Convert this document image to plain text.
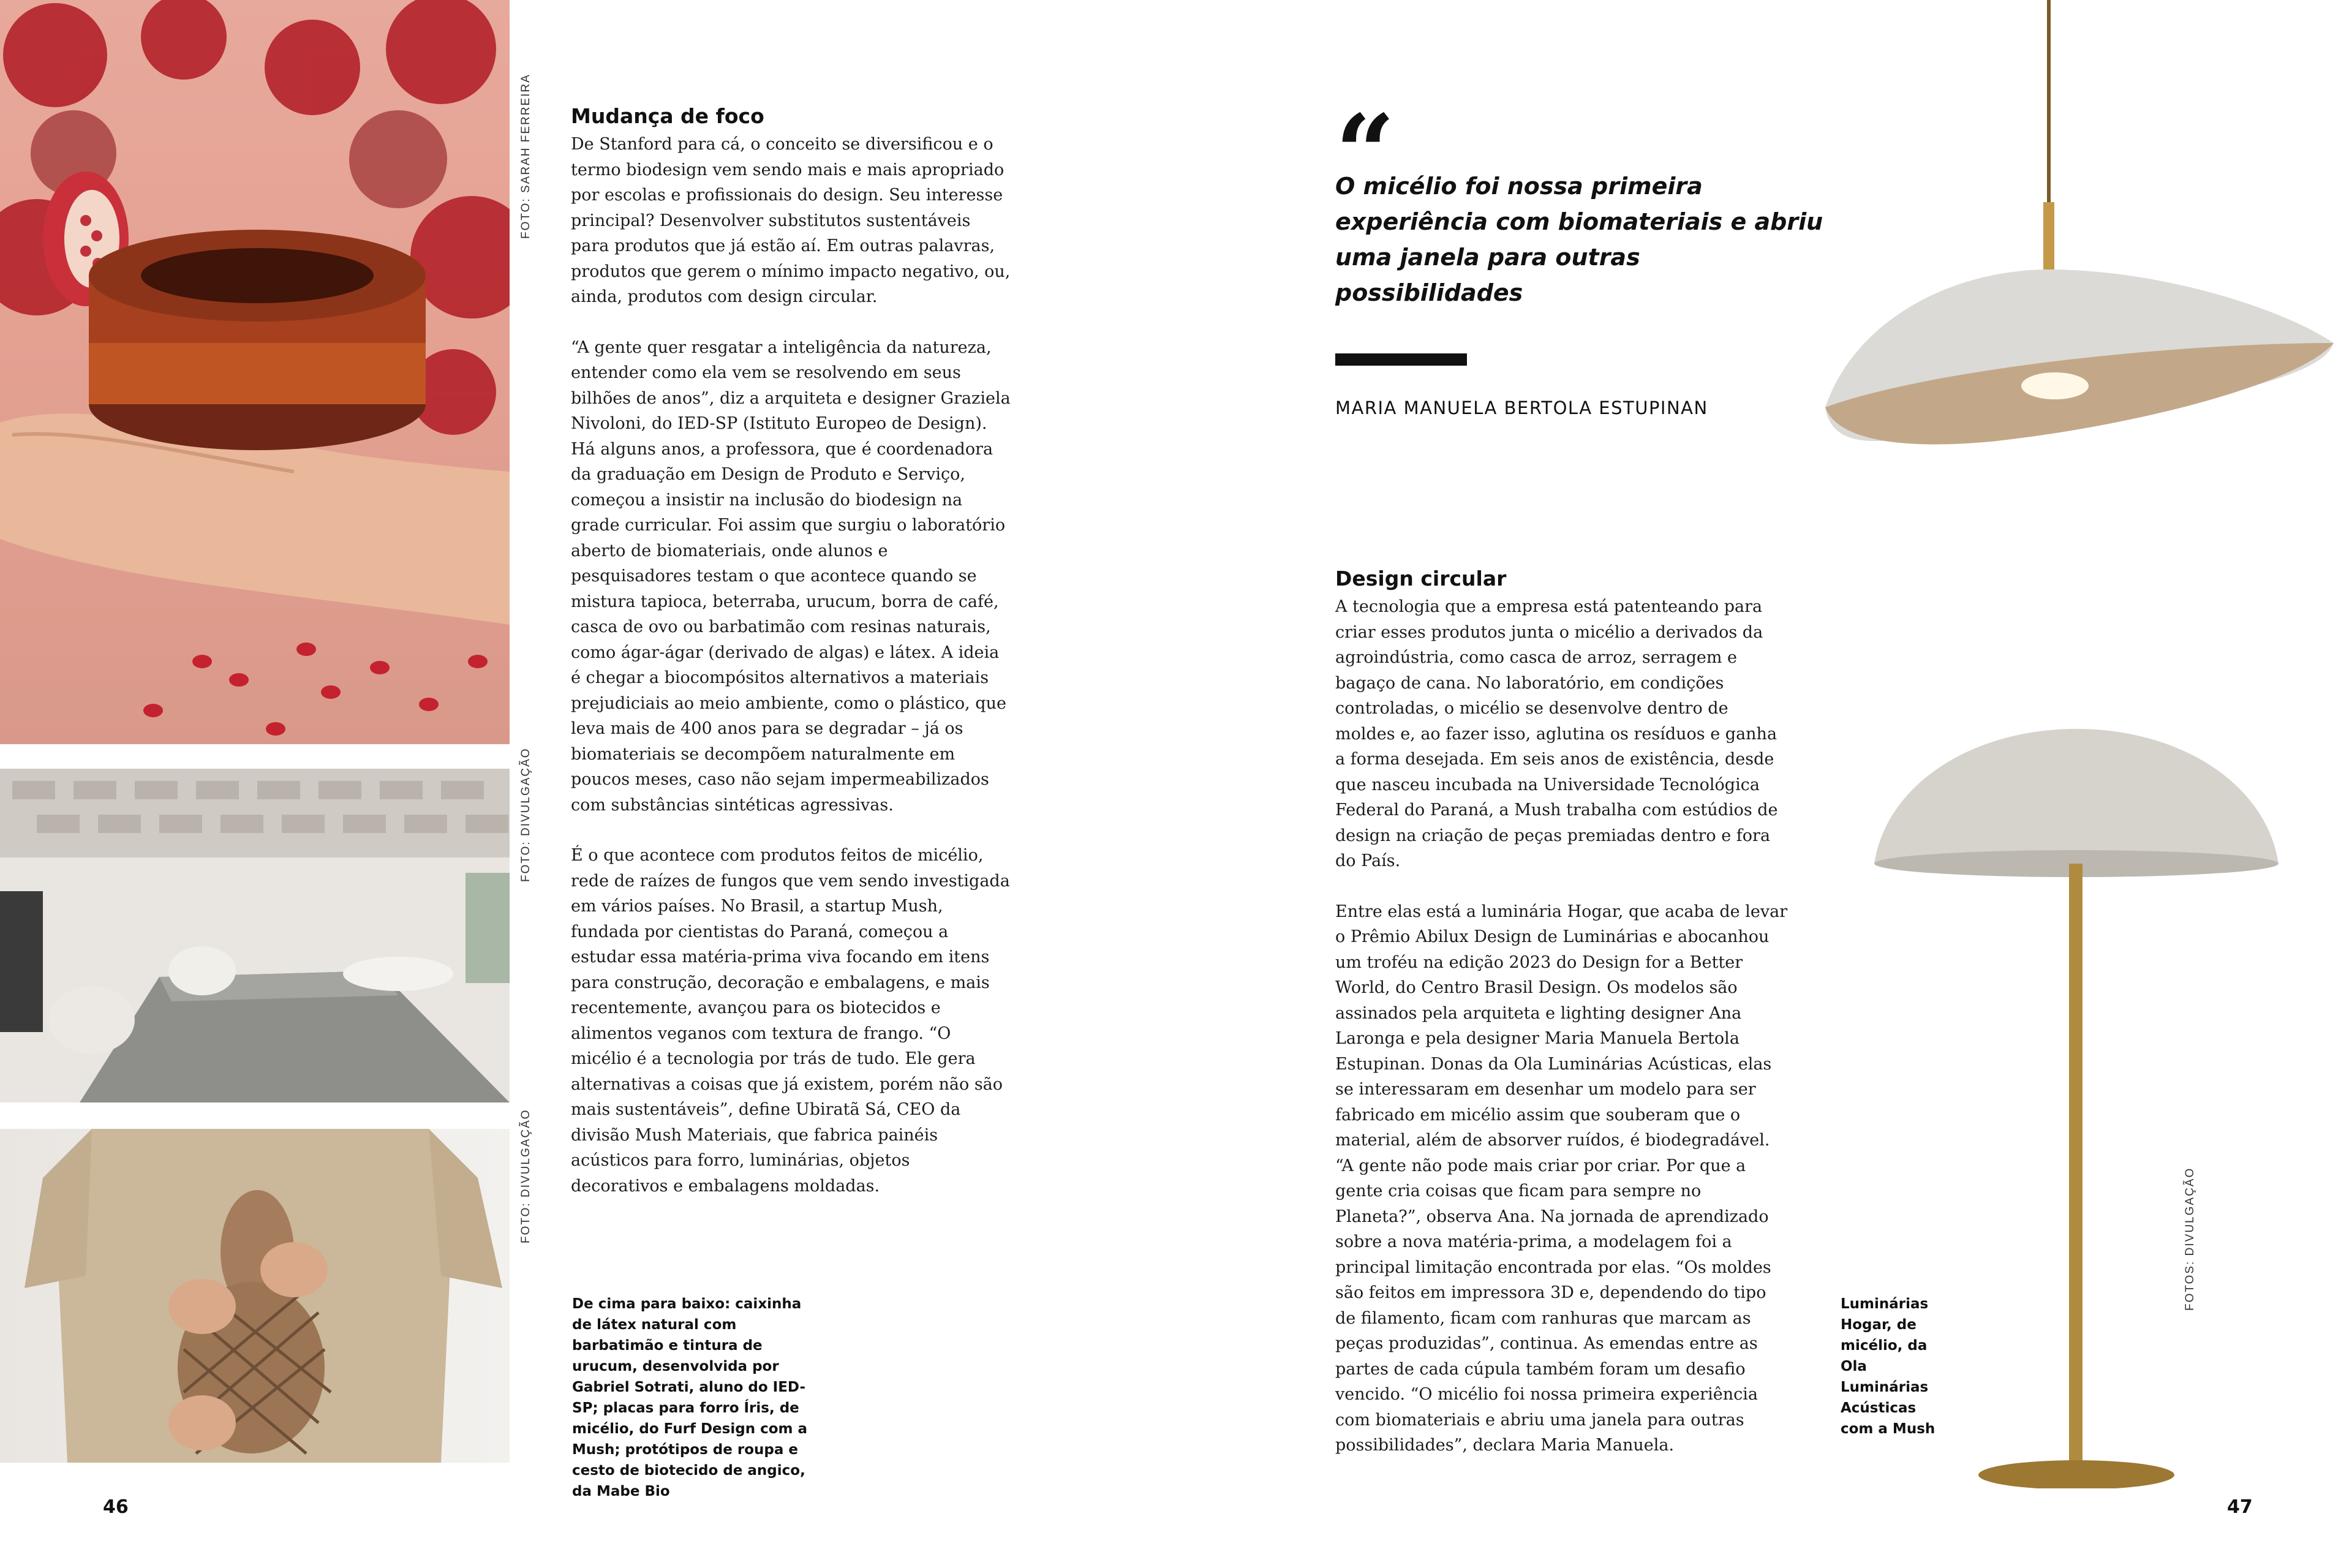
FOTO: SARAH FERREIRA
FOTO: DIVULGAÇÃO
FOTO: DIVULGAÇÃO
Mudança de foco

De Stanford para cá, o conceito se diversificou e o termo biodesign vem sendo mais e mais apropriado por escolas e profissionais do design. Seu interesse principal? Desenvolver substitutos sustentáveis para produtos que já estão aí. Em outras palavras, produtos que gerem o mínimo impacto negativo, ou, ainda, produtos com design circular.

“A gente quer resgatar a inteligência da natureza, entender como ela vem se resolvendo em seus bilhões de anos”, diz a arquiteta e designer Graziela Nivoloni, do IED-SP (Istituto Europeo de Design). Há alguns anos, a professora, que é coordenadora da graduação em Design de Produto e Serviço, começou a insistir na inclusão do biodesign na grade curricular. Foi assim que surgiu o laboratório aberto de biomateriais, onde alunos e pesquisadores testam o que acontece quando se mistura tapioca, beterraba, urucum, borra de café, casca de ovo ou barbatimão com resinas naturais, como ágar-ágar (derivado de algas) e látex. A ideia é chegar a biocompósitos alternativos a materiais prejudiciais ao meio ambiente, como o plástico, que leva mais de 400 anos para se degradar – já os biomateriais se decompõem naturalmente em poucos meses, caso não sejam impermeabilizados com substâncias sintéticas agressivas.

É o que acontece com produtos feitos de micélio, rede de raízes de fungos que vem sendo investigada em vários países. No Brasil, a startup Mush, fundada por cientistas do Paraná, começou a estudar essa matéria-prima viva focando em itens para construção, decoração e embalagens, e mais recentemente, avançou para os biotecidos e alimentos veganos com textura de frango. “O micélio é a tecnologia por trás de tudo. Ele gera alternativas a coisas que já existem, porém não são mais sustentáveis”, define Ubiratã Sá, CEO da divisão Mush Materiais, que fabrica painéis acústicos para forro, luminárias, objetos decorativos e embalagens moldadas.

De cima para baixo: caixinha de látex natural com barbatimão e tintura de urucum, desenvolvida por Gabriel Sotrati, aluno do IED-SP; placas para forro Íris, de micélio, do Furf Design com a Mush; protótipos de roupa e cesto de biotecido de angico, da Mabe Bio
46
“
O micélio foi nossa primeira experiência com biomateriais e abriu uma janela para outras possibilidades
MARIA MANUELA BERTOLA ESTUPINAN
Design circular

A tecnologia que a empresa está patenteando para criar esses produtos junta o micélio a derivados da agroindústria, como casca de arroz, serragem e bagaço de cana. No laboratório, em condições controladas, o micélio se desenvolve dentro de moldes e, ao fazer isso, aglutina os resíduos e ganha a forma desejada. Em seis anos de existência, desde que nasceu incubada na Universidade Tecnológica Federal do Paraná, a Mush trabalha com estúdios de design na criação de peças premiadas dentro e fora do País.

Entre elas está a luminária Hogar, que acaba de levar o Prêmio Abilux Design de Luminárias e abocanhou um troféu na edição 2023 do Design for a Better World, do Centro Brasil Design. Os modelos são assinados pela arquiteta e lighting designer Ana Laronga e pela designer Maria Manuela Bertola Estupinan. Donas da Ola Luminárias Acústicas, elas se interessaram em desenhar um modelo para ser fabricado em micélio assim que souberam que o material, além de absorver ruídos, é biodegradável. “A gente não pode mais criar por criar. Por que a gente cria coisas que ficam para sempre no Planeta?”, observa Ana. Na jornada de aprendizado sobre a nova matéria-prima, a modelagem foi a principal limitação encontrada por elas. “Os moldes são feitos em impressora 3D e, dependendo do tipo de filamento, ficam com ranhuras que marcam as peças produzidas”, continua. As emendas entre as partes de cada cúpula também foram um desafio vencido. “O micélio foi nossa primeira experiência com biomateriais e abriu uma janela para outras possibilidades”, declara Maria Manuela.

Luminárias Hogar, de micélio, da Ola Luminárias Acústicas com a Mush
FOTOS: DIVULGAÇÃO
47
